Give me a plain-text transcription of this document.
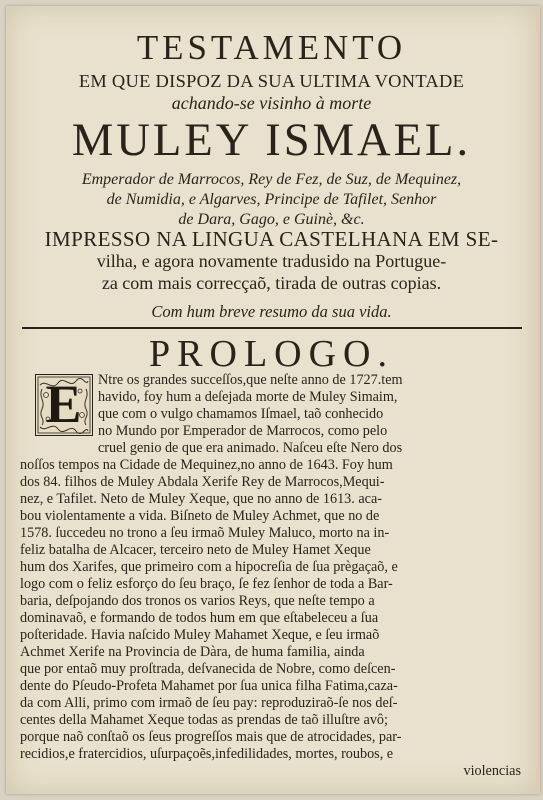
TESTAMENTO
EM QUE DISPOZ DA SUA ULTIMA VONTADE
achando-se visinho à morte
MULEY ISMAEL.
Emperador de Marrocos, Rey de Fez, de Suz, de Mequinez,
de Numidia, e Algarves, Principe de Tafilet, Senhor
de Dara, Gago, e Guinè, &c.
IMPRESSO NA LINGUA CASTELHANA EM SE-
vilha, e agora novamente tradusido na Portugue-
za com mais correcçaõ, tirada de outras copias.
Com hum breve resumo da sua vida.
PROLOGO.
E	Ntre os grandes succeſſos,que neſte anno de 1727.tem
havido, foy hum a deſejada morte de Muley Simaim,
que com o vulgo chamamos Iſmael, taõ conhecido
no Mundo por Emperador de Marrocos, como pelo
cruel genio de que era animado. Naſceu eſte Nero dos
noſſos tempos na Cidade de Mequinez,no anno de 1643. Foy hum
dos 84. filhos de Muley Abdala Xerife Rey de Marrocos,Mequi-
nez, e Tafilet. Neto de Muley Xeque, que no anno de 1613. aca-
bou violentamente a vida. Biſneto de Muley Achmet, que no de
1578. ſuccedeu no trono a ſeu irmaõ Muley Maluco, morto na in-
feliz batalha de Alcacer, terceiro neto de Muley Hamet Xeque
hum dos Xarifes, que primeiro com a hipocreſia de ſua prègaçaõ, e
logo com o feliz esforço do ſeu braço, ſe fez ſenhor de toda a Bar-
baria, deſpojando dos tronos os varios Reys, que neſte tempo a
dominavaõ, e formando de todos hum em que eſtabeleceu a ſua
poſteridade. Havia naſcido Muley Mahamet Xeque, e ſeu irmaõ
Achmet Xerife na Provincia de Dàra, de huma familia, ainda
que por entaõ muy proſtrada, deſvanecida de Nobre, como deſcen-
dente do Pſeudo-Profeta Mahamet por ſua unica filha Fatima,caza-
da com Alli, primo com irmaõ de ſeu pay: reproduziraõ-ſe nos deſ-
centes della Mahamet Xeque todas as prendas de taõ illuſtre avô;
porque naõ conſtaõ os ſeus progreſſos mais que de atrocidades, par-
recidios,e fratercidios, uſurpaçoẽs,infedilidades, mortes, roubos, e
violencias
